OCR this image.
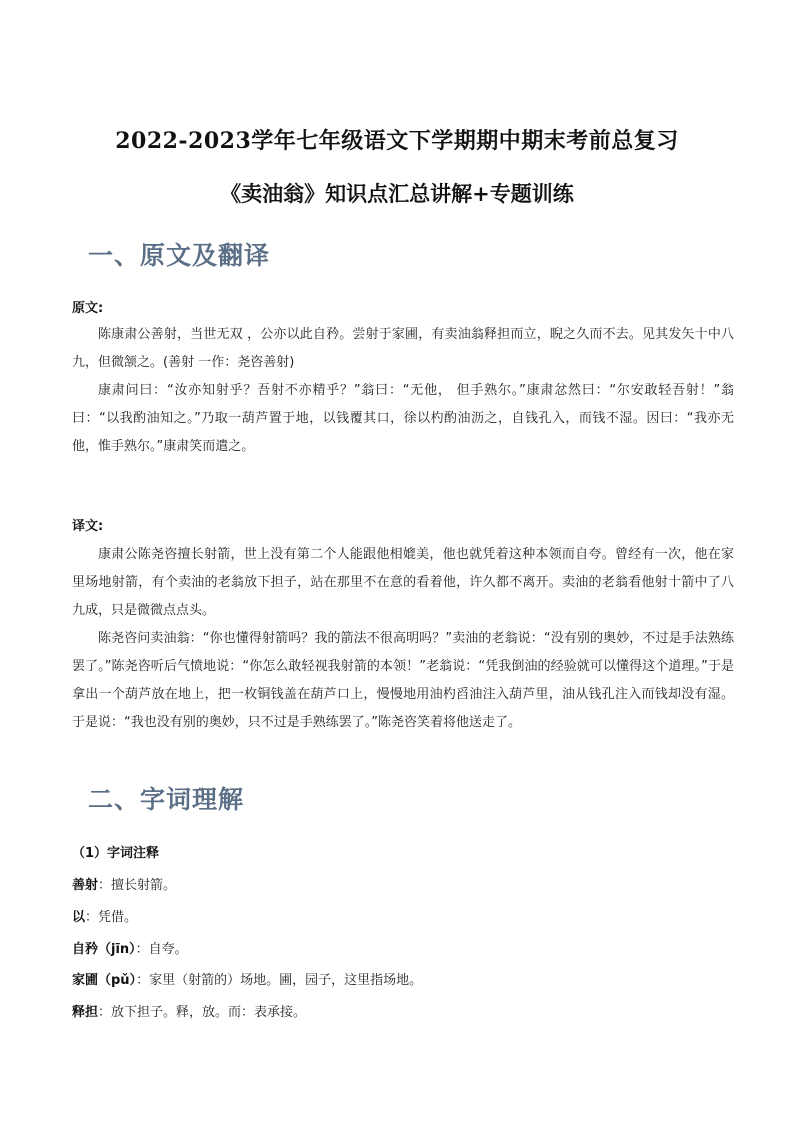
2022-2023学年七年级语文下学期期中期末考前总复习
《卖油翁》知识点汇总讲解+专题训练
一、原文及翻译
原文:
陈康肃公善射，当世无双 ，公亦以此自矜。尝射于家圃，有卖油翁释担而立，睨之久而不去。见其发矢十中八九，但微颔之。(善射 一作：尧咨善射)
康肃问曰：“汝亦知射乎？吾射不亦精乎？”翁曰：“无他， 但手熟尔。”康肃忿然曰：“尔安敢轻吾射！”翁曰：“以我酌油知之。”乃取一葫芦置于地，以钱覆其口，徐以杓酌油沥之，自钱孔入，而钱不湿。因曰：“我亦无他，惟手熟尔。”康肃笑而遣之。
译文:
康肃公陈尧咨擅长射箭，世上没有第二个人能跟他相媲美，他也就凭着这种本领而自夸。曾经有一次，他在家里场地射箭，有个卖油的老翁放下担子，站在那里不在意的看着他，许久都不离开。卖油的老翁看他射十箭中了八九成，只是微微点点头。
陈尧咨问卖油翁：“你也懂得射箭吗？我的箭法不很高明吗？”卖油的老翁说：“没有别的奥妙，不过是手法熟练罢了。”陈尧咨听后气愤地说：“你怎么敢轻视我射箭的本领！”老翁说：“凭我倒油的经验就可以懂得这个道理。”于是拿出一个葫芦放在地上，把一枚铜钱盖在葫芦口上，慢慢地用油杓舀油注入葫芦里，油从钱孔注入而钱却没有湿。于是说：“我也没有别的奥妙，只不过是手熟练罢了。”陈尧咨笑着将他送走了。
二、字词理解
（1）字词注释
善射：擅长射箭。
以：凭借。
自矜（jīn）：自夸。
家圃（pǔ）：家里（射箭的）场地。圃，园子，这里指场地。
释担：放下担子。释，放。而：表承接。
